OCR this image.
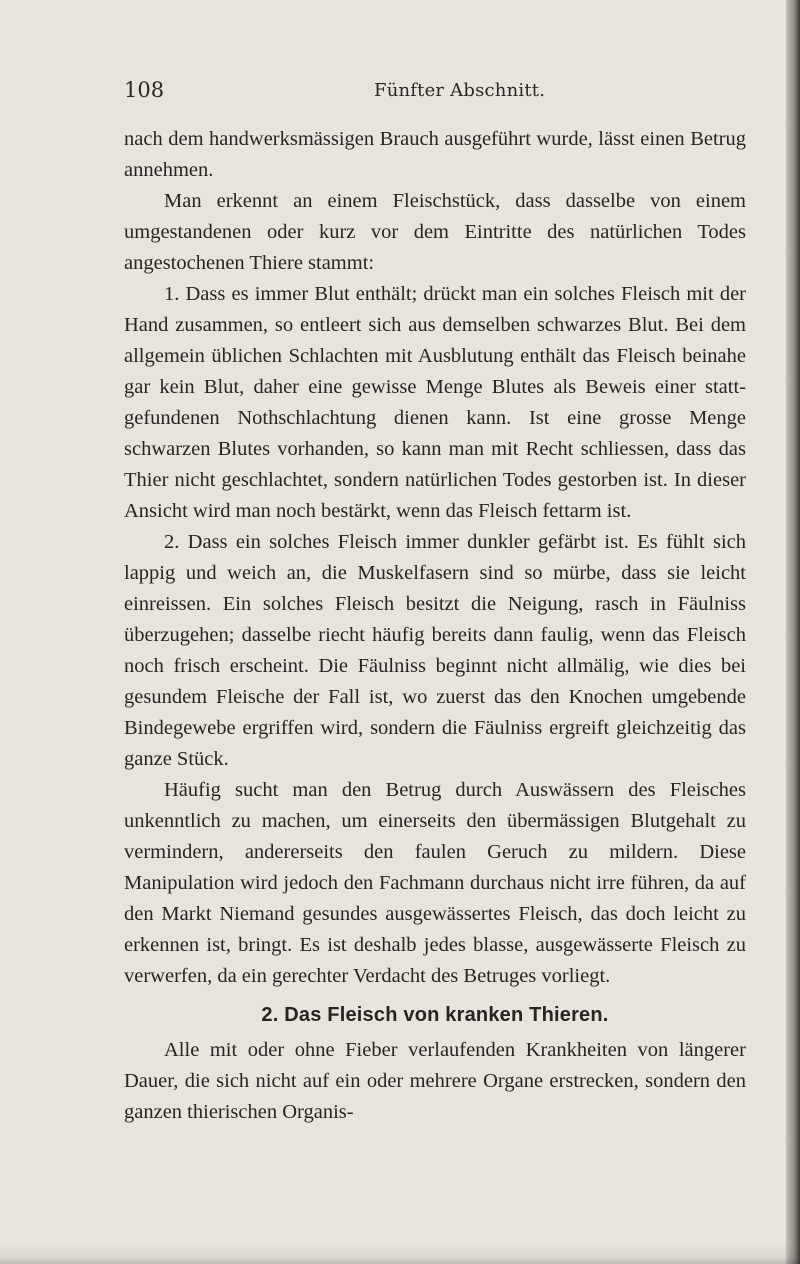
108	Fünfter Abschnitt.

nach dem handwerksmässigen Brauch ausgeführt wurde, lässt einen Betrug annehmen.

Man erkennt an einem Fleischstück, dass dasselbe von einem umgestandenen oder kurz vor dem Eintritte des natürlichen Todes angestochenen Thiere stammt:

1. Dass es immer Blut enthält; drückt man ein solches Fleisch mit der Hand zusammen, so entleert sich aus demselben schwarzes Blut. Bei dem allgemein üblichen Schlachten mit Ausblutung enthält das Fleisch beinahe gar kein Blut, daher eine gewisse Menge Blutes als Beweis einer stattgefundenen Nothschlachtung dienen kann. Ist eine grosse Menge schwarzen Blutes vorhanden, so kann man mit Recht schliessen, dass das Thier nicht geschlachtet, sondern natürlichen Todes gestorben ist. In dieser Ansicht wird man noch bestärkt, wenn das Fleisch fettarm ist.

2. Dass ein solches Fleisch immer dunkler gefärbt ist. Es fühlt sich lappig und weich an, die Muskelfasern sind so mürbe, dass sie leicht einreissen. Ein solches Fleisch besitzt die Neigung, rasch in Fäulniss überzugehen; dasselbe riecht häufig bereits dann faulig, wenn das Fleisch noch frisch erscheint. Die Fäulniss beginnt nicht allmälig, wie dies bei gesundem Fleische der Fall ist, wo zuerst das den Knochen umgebende Bindegewebe ergriffen wird, sondern die Fäulniss ergreift gleichzeitig das ganze Stück.

Häufig sucht man den Betrug durch Auswässern des Fleisches unkenntlich zu machen, um einerseits den übermässigen Blutgehalt zu vermindern, andererseits den faulen Geruch zu mildern. Diese Manipulation wird jedoch den Fachmann durchaus nicht irre führen, da auf den Markt Niemand gesundes ausgewässertes Fleisch, das doch leicht zu erkennen ist, bringt. Es ist deshalb jedes blasse, ausgewässerte Fleisch zu verwerfen, da ein gerechter Verdacht des Betruges vorliegt.

2. Das Fleisch von kranken Thieren.

Alle mit oder ohne Fieber verlaufenden Krankheiten von längerer Dauer, die sich nicht auf ein oder mehrere Organe erstrecken, sondern den ganzen thierischen Organis-
